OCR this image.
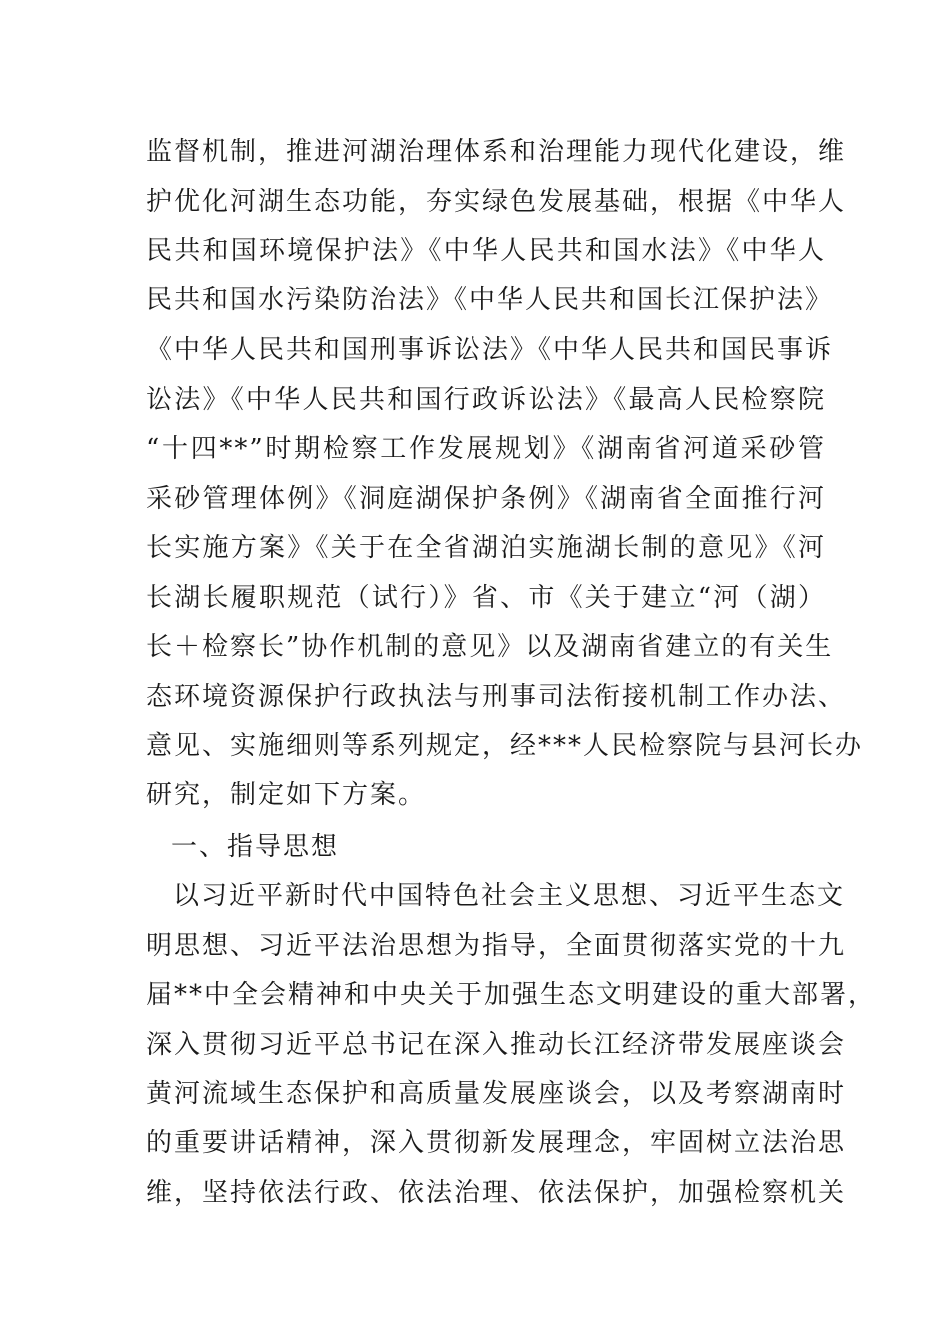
监督机制，推进河湖治理体系和治理能力现代化建设，维
护优化河湖生态功能，夯实绿色发展基础，根据《中华人
民共和国环境保护法》《中华人民共和国水法》《中华人
民共和国水污染防治法》《中华人民共和国长江保护法》
《中华人民共和国刑事诉讼法》《中华人民共和国民事诉
讼法》《中华人民共和国行政诉讼法》《最高人民检察院
“十四**”时期检察工作发展规划》《湖南省河道采砂管
采砂管理体例》《洞庭湖保护条例》《湖南省全面推行河
长实施方案》《关于在全省湖泊实施湖长制的意见》《河
长湖长履职规范（试行）》省、市《关于建立“河（湖）
长＋检察长”协作机制的意见》以及湖南省建立的有关生
态环境资源保护行政执法与刑事司法衔接机制工作办法、
意见、实施细则等系列规定，经***人民检察院与县河长办
研究，制定如下方案。
一、指导思想
以习近平新时代中国特色社会主义思想、习近平生态文
明思想、习近平法治思想为指导，全面贯彻落实党的十九
届**中全会精神和中央关于加强生态文明建设的重大部署，
深入贯彻习近平总书记在深入推动长江经济带发展座谈会
黄河流域生态保护和高质量发展座谈会，以及考察湖南时
的重要讲话精神，深入贯彻新发展理念，牢固树立法治思
维，坚持依法行政、依法治理、依法保护，加强检察机关
